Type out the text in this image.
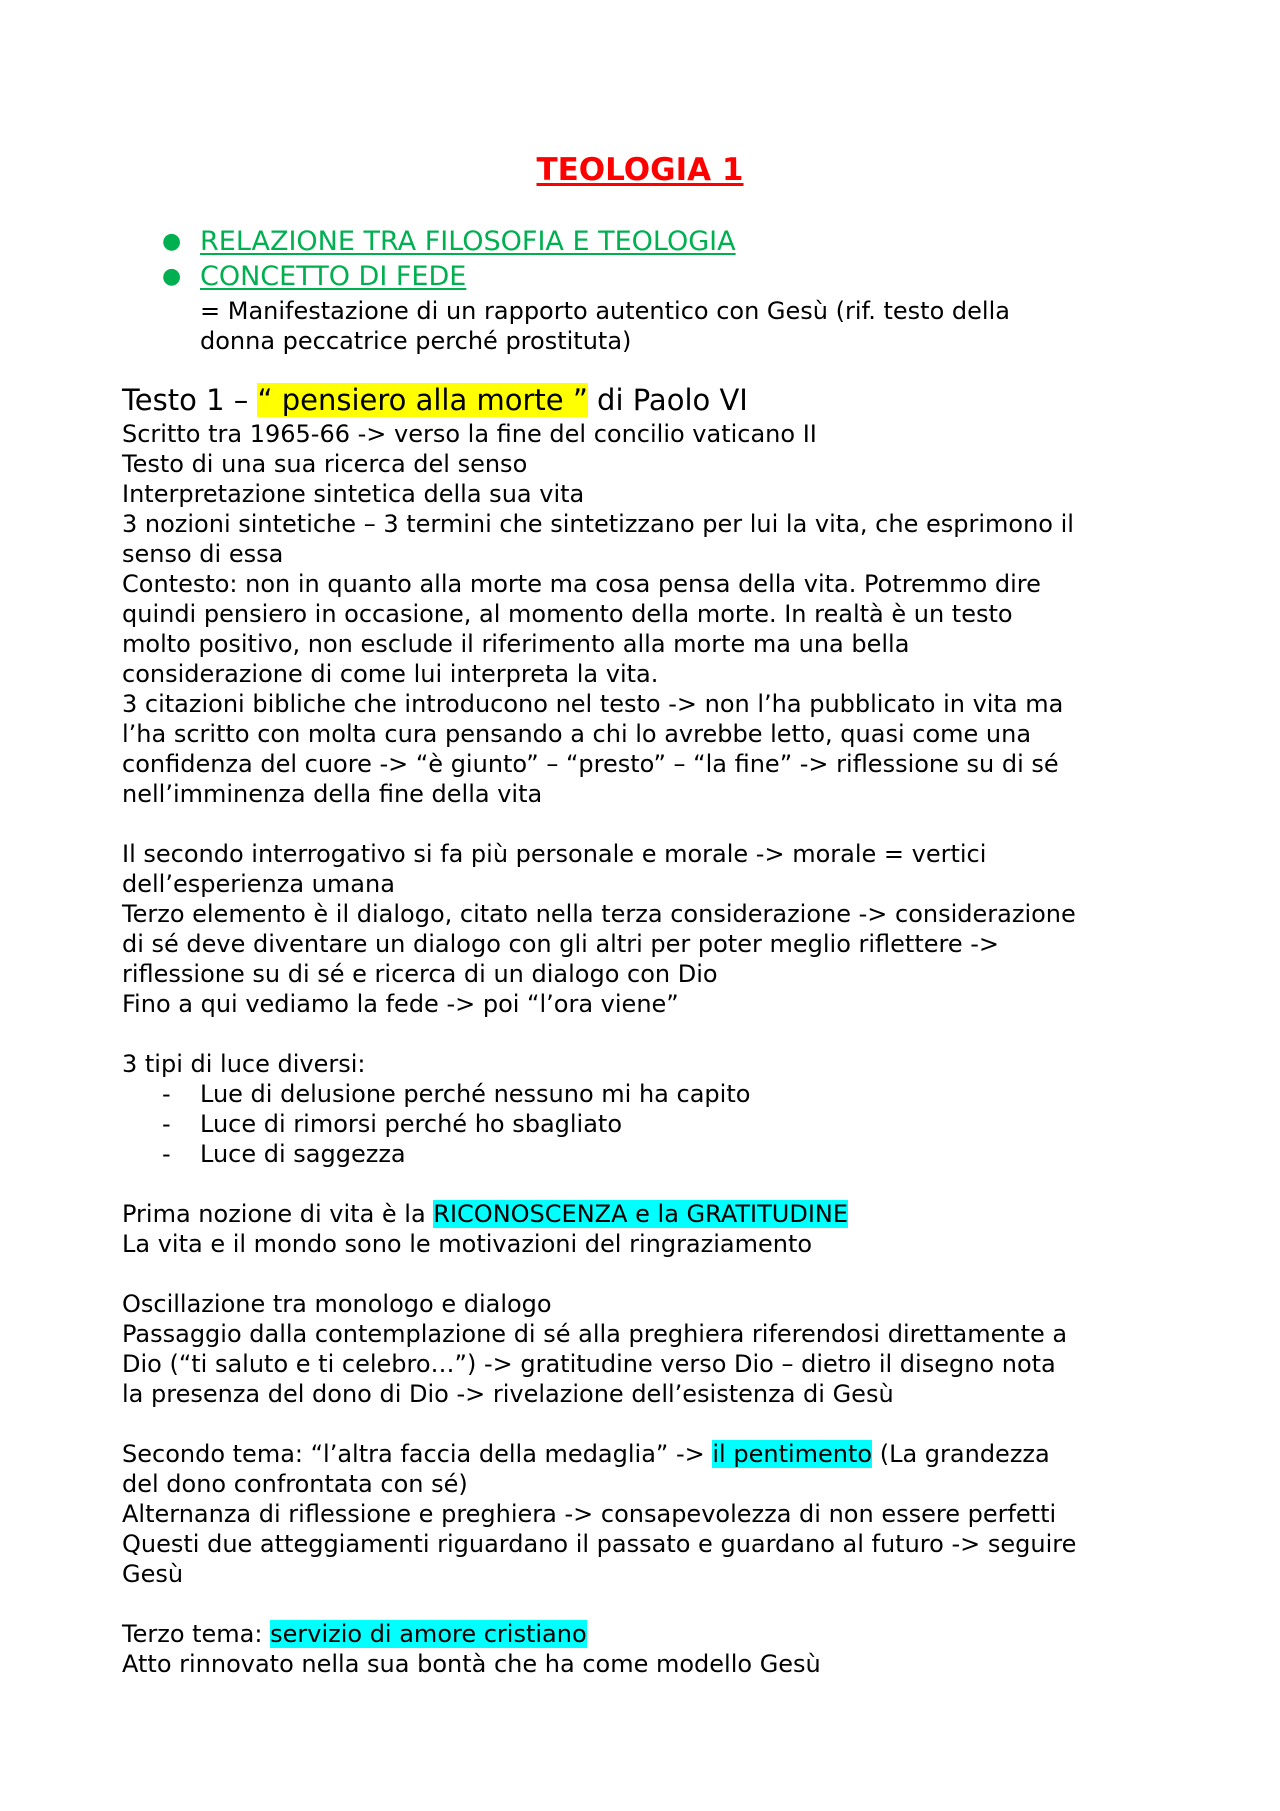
TEOLOGIA 1
● RELAZIONE TRA FILOSOFIA E TEOLOGIA
● CONCETTO DI FEDE
= Manifestazione di un rapporto autentico con Gesù (rif. testo della
donna peccatrice perché prostituta)
Testo 1 – “ pensiero alla morte ” di Paolo VI
Scritto tra 1965-66 -> verso la fine del concilio vaticano II
Testo di una sua ricerca del senso
Interpretazione sintetica della sua vita
3 nozioni sintetiche – 3 termini che sintetizzano per lui la vita, che esprimono il
senso di essa
Contesto: non in quanto alla morte ma cosa pensa della vita. Potremmo dire
quindi pensiero in occasione, al momento della morte. In realtà è un testo
molto positivo, non esclude il riferimento alla morte ma una bella
considerazione di come lui interpreta la vita.
3 citazioni bibliche che introducono nel testo -> non l’ha pubblicato in vita ma
l’ha scritto con molta cura pensando a chi lo avrebbe letto, quasi come una
confidenza del cuore -> “è giunto” – “presto” – “la fine” -> riflessione su di sé
nell’imminenza della fine della vita
Il secondo interrogativo si fa più personale e morale -> morale = vertici
dell’esperienza umana
Terzo elemento è il dialogo, citato nella terza considerazione -> considerazione
di sé deve diventare un dialogo con gli altri per poter meglio riflettere ->
riflessione su di sé e ricerca di un dialogo con Dio
Fino a qui vediamo la fede -> poi “l’ora viene”
3 tipi di luce diversi:
- Lue di delusione perché nessuno mi ha capito
- Luce di rimorsi perché ho sbagliato
- Luce di saggezza
Prima nozione di vita è la RICONOSCENZA e la GRATITUDINE
La vita e il mondo sono le motivazioni del ringraziamento
Oscillazione tra monologo e dialogo
Passaggio dalla contemplazione di sé alla preghiera riferendosi direttamente a
Dio (“ti saluto e ti celebro…”) -> gratitudine verso Dio – dietro il disegno nota
la presenza del dono di Dio -> rivelazione dell’esistenza di Gesù
Secondo tema: “l’altra faccia della medaglia” -> il pentimento (La grandezza
del dono confrontata con sé)
Alternanza di riflessione e preghiera -> consapevolezza di non essere perfetti
Questi due atteggiamenti riguardano il passato e guardano al futuro -> seguire
Gesù
Terzo tema: servizio di amore cristiano
Atto rinnovato nella sua bontà che ha come modello Gesù
